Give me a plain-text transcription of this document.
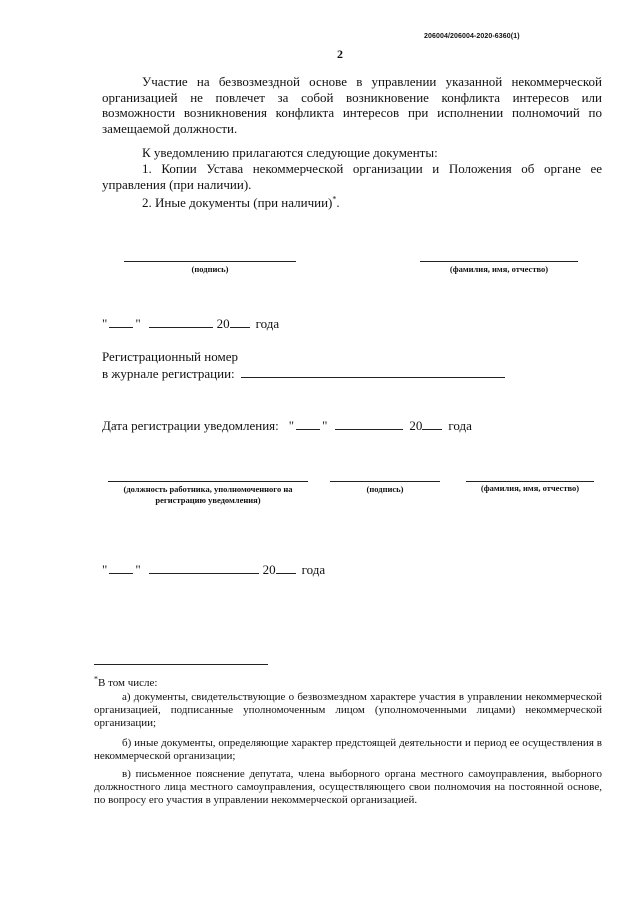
206004/206004-2020-6360(1)
2
Участие на безвозмездной основе в управлении указанной некоммерческой организацией не повлечет за собой возникновение конфликта интересов или возможности возникновения конфликта интересов при исполнении полномочий по замещаемой должности.
К уведомлению прилагаются следующие документы:
1. Копии Устава некоммерческой организации и Положения об органе ее управления (при наличии).
2. Иные документы (при наличии)*.
(подпись)	(фамилия, имя, отчество)
" "	20 года
Регистрационный номер
в журнале регистрации:
Дата регистрации уведомления: " "	20 года
(должность работника, уполномоченного на регистрацию уведомления)
(подпись)	(фамилия, имя, отчество)
" "	20 года
*В том числе:
а) документы, свидетельствующие о безвозмездном характере участия в управлении некоммерческой организацией, подписанные уполномоченным лицом (уполномоченными лицами) некоммерческой организации;
б) иные документы, определяющие характер предстоящей деятельности и период ее осуществления в некоммерческой организации;
в) письменное пояснение депутата, члена выборного органа местного самоуправления, выборного должностного лица местного самоуправления, осуществляющего свои полномочия на постоянной основе, по вопросу его участия в управлении некоммерческой организацией.
